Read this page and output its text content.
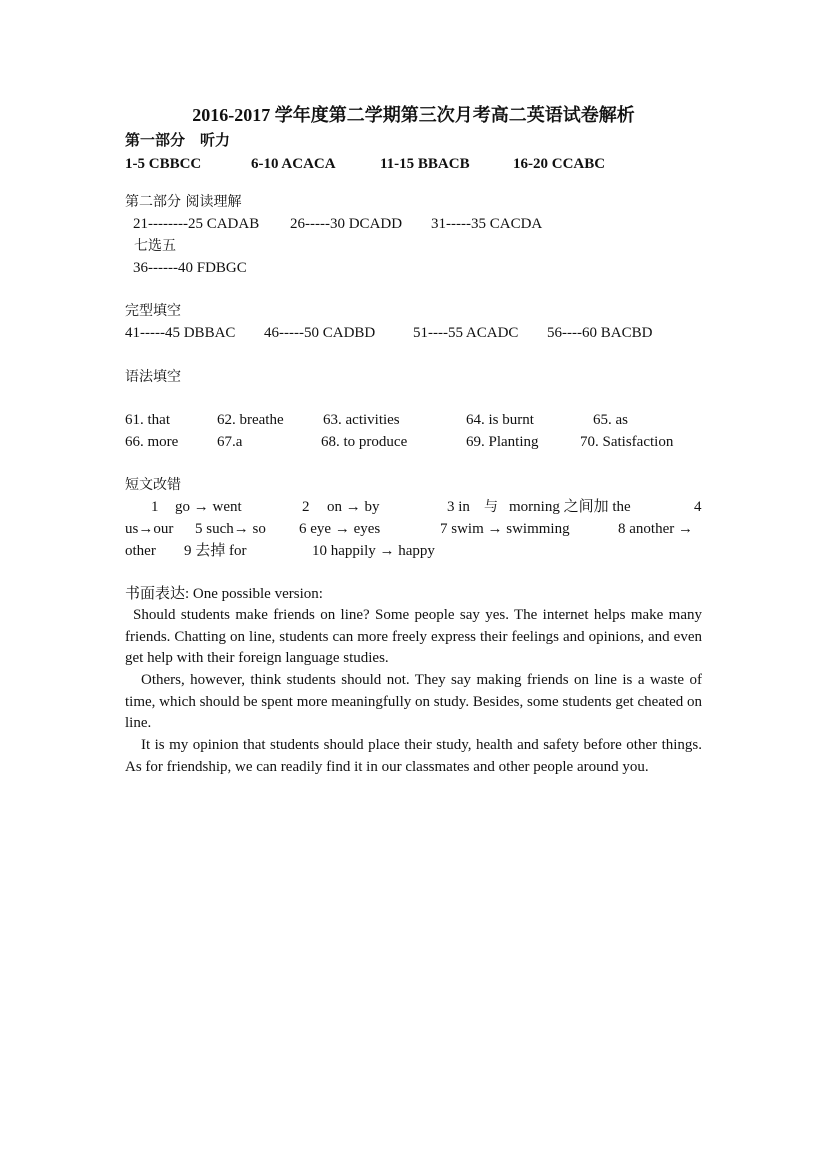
2016-2017 学年度第二学期第三次月考高二英语试卷解析
第一部分　听力
1-5 CBBCC	6-10 ACACA	11-15 BBACB	16-20 CCABC
第二部分 阅读理解
21--------25 CADAB 26-----30 DCADD 31-----35 CACDA
七选五
36------40 FDBGC
完型填空
41-----45 DBBAC 46-----50 CADBD	51----55 ACADC 56----60 BACBD
语法填空
61. that	62. breathe	63. activities	64. is burnt	65. as
66. more	67.a	68. to produce	69. Planting	70. Satisfaction
短文改错
1 go → went	2 on → by	3 in 与 morning 之间加 the	4
us→our 5 such→ so 6 eye → eyes	7 swim → swimming	8 another →
other 9 去掉 for	10 happily → happy
书面表达: One possible version:
Should students make friends on line? Some people say yes. The internet helps make many friends. Chatting on line, students can more freely express their feelings and opinions, and even get help with their foreign language studies.
Others, however, think students should not. They say making friends on line is a waste of time, which should be spent more meaningfully on study. Besides, some students get cheated on line.
It is my opinion that students should place their study, health and safety before other things. As for friendship, we can readily find it in our classmates and other people around you.
